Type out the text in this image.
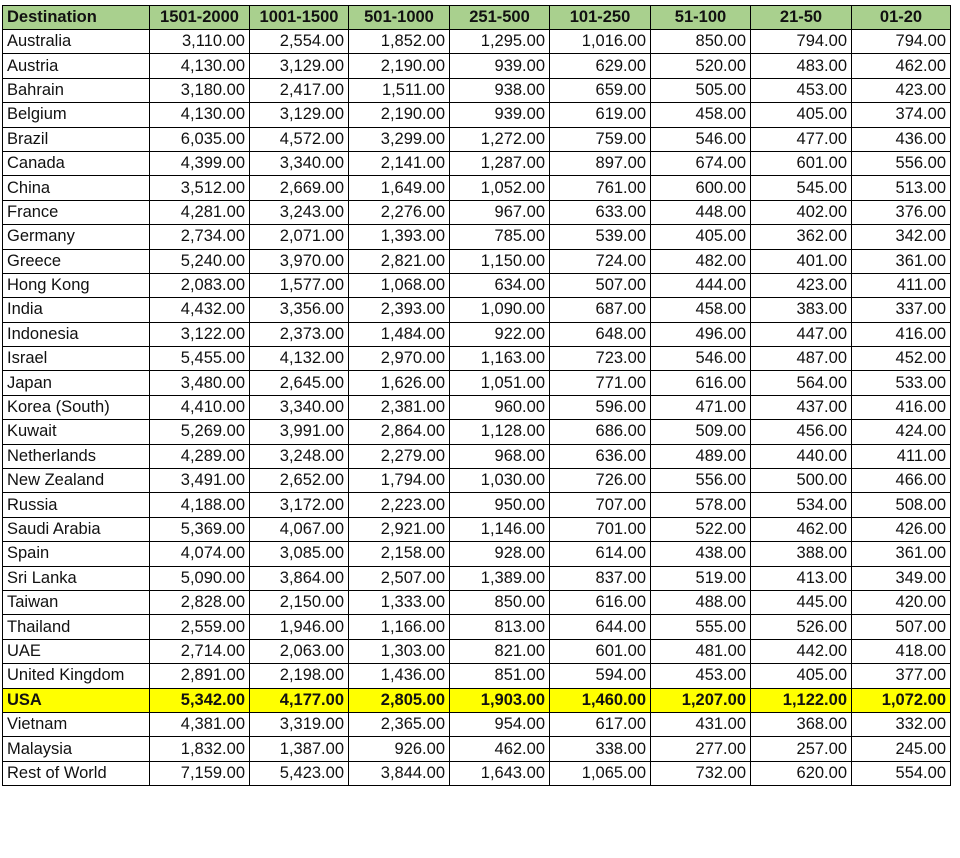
Destination	1501-2000	1001-1500	501-1000	251-500	101-250	51-100	21-50	01-20
Australia	3,110.00	2,554.00	1,852.00	1,295.00	1,016.00	850.00	794.00	794.00
Austria	4,130.00	3,129.00	2,190.00	939.00	629.00	520.00	483.00	462.00
Bahrain	3,180.00	2,417.00	1,511.00	938.00	659.00	505.00	453.00	423.00
Belgium	4,130.00	3,129.00	2,190.00	939.00	619.00	458.00	405.00	374.00
Brazil	6,035.00	4,572.00	3,299.00	1,272.00	759.00	546.00	477.00	436.00
Canada	4,399.00	3,340.00	2,141.00	1,287.00	897.00	674.00	601.00	556.00
China	3,512.00	2,669.00	1,649.00	1,052.00	761.00	600.00	545.00	513.00
France	4,281.00	3,243.00	2,276.00	967.00	633.00	448.00	402.00	376.00
Germany	2,734.00	2,071.00	1,393.00	785.00	539.00	405.00	362.00	342.00
Greece	5,240.00	3,970.00	2,821.00	1,150.00	724.00	482.00	401.00	361.00
Hong Kong	2,083.00	1,577.00	1,068.00	634.00	507.00	444.00	423.00	411.00
India	4,432.00	3,356.00	2,393.00	1,090.00	687.00	458.00	383.00	337.00
Indonesia	3,122.00	2,373.00	1,484.00	922.00	648.00	496.00	447.00	416.00
Israel	5,455.00	4,132.00	2,970.00	1,163.00	723.00	546.00	487.00	452.00
Japan	3,480.00	2,645.00	1,626.00	1,051.00	771.00	616.00	564.00	533.00
Korea (South)	4,410.00	3,340.00	2,381.00	960.00	596.00	471.00	437.00	416.00
Kuwait	5,269.00	3,991.00	2,864.00	1,128.00	686.00	509.00	456.00	424.00
Netherlands	4,289.00	3,248.00	2,279.00	968.00	636.00	489.00	440.00	411.00
New Zealand	3,491.00	2,652.00	1,794.00	1,030.00	726.00	556.00	500.00	466.00
Russia	4,188.00	3,172.00	2,223.00	950.00	707.00	578.00	534.00	508.00
Saudi Arabia	5,369.00	4,067.00	2,921.00	1,146.00	701.00	522.00	462.00	426.00
Spain	4,074.00	3,085.00	2,158.00	928.00	614.00	438.00	388.00	361.00
Sri Lanka	5,090.00	3,864.00	2,507.00	1,389.00	837.00	519.00	413.00	349.00
Taiwan	2,828.00	2,150.00	1,333.00	850.00	616.00	488.00	445.00	420.00
Thailand	2,559.00	1,946.00	1,166.00	813.00	644.00	555.00	526.00	507.00
UAE	2,714.00	2,063.00	1,303.00	821.00	601.00	481.00	442.00	418.00
United Kingdom	2,891.00	2,198.00	1,436.00	851.00	594.00	453.00	405.00	377.00
USA	5,342.00	4,177.00	2,805.00	1,903.00	1,460.00	1,207.00	1,122.00	1,072.00
Vietnam	4,381.00	3,319.00	2,365.00	954.00	617.00	431.00	368.00	332.00
Malaysia	1,832.00	1,387.00	926.00	462.00	338.00	277.00	257.00	245.00
Rest of World	7,159.00	5,423.00	3,844.00	1,643.00	1,065.00	732.00	620.00	554.00
